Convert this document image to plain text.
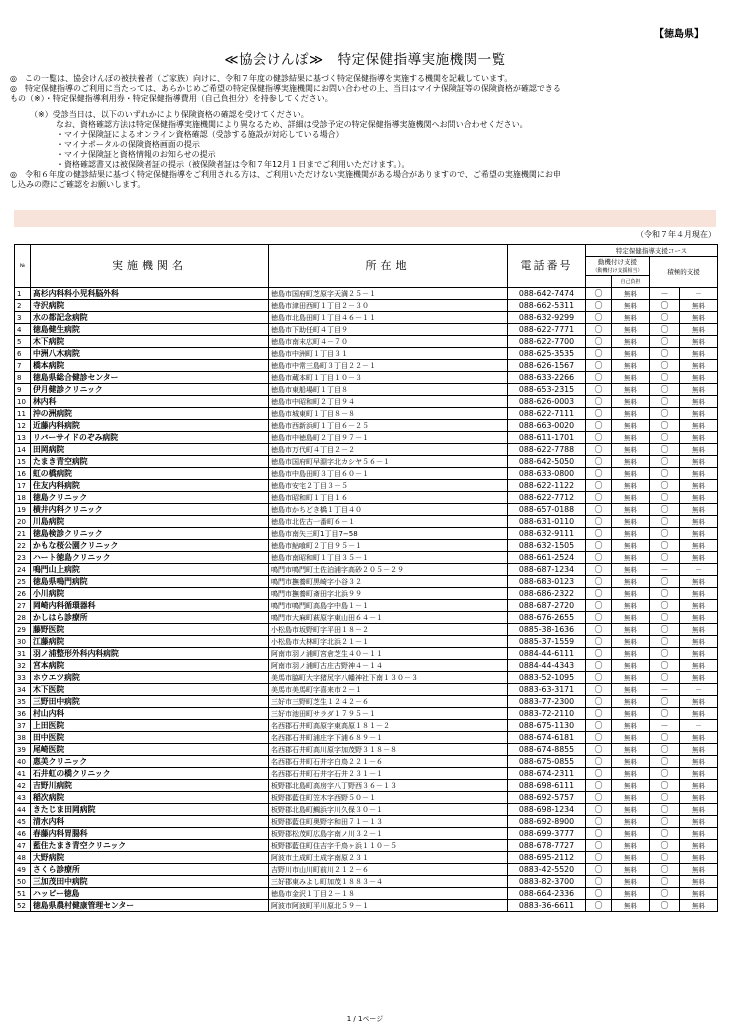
【徳島県】
≪協会けんぽ≫　特定保健指導実施機関一覧

◎　この一覧は、協会けんぽの被扶養者（ご家族）向けに、令和７年度の健診結果に基づく特定保健指導を実施する機関を記載しています。

◎　特定保健指導のご利用に当たっては、あらかじめご希望の特定保健指導実施機関にお問い合わせの上、当日はマイナ保険証等の保険資格が確認できる

もの（※）・特定保健指導利用券・特定保健指導費用（自己負担分）を持参してください。

（※）受診当日は、以下のいずれかにより保険資格の確認を受けてください。

なお、資格確認方法は特定保健指導実施機関により異なるため、詳細は受診予定の特定保健指導実施機関へお問い合わせください。

・マイナ保険証によるオンライン資格確認（受診する施設が対応している場合）

・マイナポータルの保険資格画面の提示

・マイナ保険証と資格情報のお知らせの提示

・資格確認書又は被保険者証の提示（被保険者証は令和７年12月１日までご利用いただけます。）。

◎　令和６年度の健診結果に基づく特定保健指導をご利用される方は、ご利用いただけない実施機関がある場合がありますので、ご希望の実施機関にお申

し込みの際にご確認をお願いします。

（令和７年４月現在）
№	実施機関名	所在地	電話番号	特定保健指導支援コース			
				動機付け支援
（動機付け支援相当）		積極的支援	

					自己負担		
1	髙杉内科科小児科脳外科	徳島市国府町芝原字天満２５－１	088-642-7474	〇	無料	－	－
2	寺沢病院	徳島市津田西町１丁目２－３０	088-662-5311	〇	無料	〇	無料
3	水の都記念病院	徳島市北島田町１丁目４６－１１	088-632-9299	〇	無料	〇	無料
4	徳島健生病院	徳島市下助任町４丁目９	088-622-7771	〇	無料	〇	無料
5	木下病院	徳島市南末広町４－７０	088-622-7700	〇	無料	〇	無料
6	中洲八木病院	徳島市中洲町１丁目３１	088-625-3535	〇	無料	〇	無料
7	橋本病院	徳島市中常三島町３丁目２２－１	088-626-1567	〇	無料	〇	無料
8	徳島県総合健診センター	徳島市蔵本町１丁目１０－３	088-633-2266	〇	無料	〇	無料
9	伊月健診クリニック	徳島市東船場町１丁目８	088-653-2315	〇	無料	〇	無料
10	林内科	徳島市中昭和町２丁目９４	088-626-0003	〇	無料	〇	無料
11	沖の洲病院	徳島市城東町１丁目８－８	088-622-7111	〇	無料	〇	無料
12	近藤内科病院	徳島市西新浜町１丁目６－２５	088-663-0020	〇	無料	〇	無料
13	リバーサイドのぞみ病院	徳島市中徳島町２丁目９７－１	088-611-1701	〇	無料	〇	無料
14	田岡病院	徳島市万代町４丁目２－２	088-622-7788	〇	無料	〇	無料
15	たまき青空病院	徳島市国府町早淵字北カシヤ５６－１	088-642-5050	〇	無料	〇	無料
16	虹の橋病院	徳島市中島田町３丁目６０－１	088-633-0800	〇	無料	〇	無料
17	住友内科病院	徳島市安宅２丁目３－５	088-622-1122	〇	無料	〇	無料
18	徳島クリニック	徳島市昭和町１丁目１６	088-622-7712	〇	無料	〇	無料
19	横井内科クリニック	徳島市かちどき橋１丁目４０	088-657-0188	〇	無料	〇	無料
20	川島病院	徳島市北佐古一番町６－１	088-631-0110	〇	無料	〇	無料
21	徳島検診クリニック	徳島市南矢三町1丁目7−58	088-632-9111	〇	無料	〇	無料
22	かもな桜公園クリニック	徳島市鮎喰町２丁目９５－１	088-632-1505	〇	無料	〇	無料
23	ハート徳島クリニック	徳島市南昭和町１丁目３５－１	088-661-2524	〇	無料	〇	無料
24	鳴門山上病院	鳴門市鳴門町土佐泊浦字高砂２０５－２９	088-687-1234	〇	無料	－	－
25	徳島県鳴門病院	鳴門市撫養町黒崎字小谷３２	088-683-0123	〇	無料	〇	無料
26	小川病院	鳴門市撫養町斎田字北浜９９	088-686-2322	〇	無料	〇	無料
27	岡崎内科循環器科	鳴門市鳴門町高島字中島１－１	088-687-2720	〇	無料	〇	無料
28	かしはら診療所	鳴門市大麻町萩原字東山田６４－１	088-676-2655	〇	無料	〇	無料
29	藤野医院	小松島市坂野町字平田１８－２	0885-38-1636	〇	無料	〇	無料
30	江藤病院	小松島市大林町字北浜２１－１	0885-37-1559	〇	無料	〇	無料
31	羽ノ浦整形外科内科病院	阿南市羽ノ浦町宮倉芝生４０－１１	0884-44-6111	〇	無料	〇	無料
32	宮本病院	阿南市羽ノ浦町古庄古野神４－１４	0884-44-4343	〇	無料	〇	無料
33	ホウエツ病院	美馬市脇町大字猪尻字八幡神社下南１３０－３	0883-52-1095	〇	無料	〇	無料
34	木下医院	美馬市美馬町字喜来市２－１	0883-63-3171	〇	無料	－	－
35	三野田中病院	三好市三野町芝生１２４２－６	0883-77-2300	〇	無料	〇	無料
36	村山内科	三好市池田町サラダ１７９５－１	0883-72-2110	〇	無料	〇	無料
37	上田医院	名西郡石井町高原字東高原１８１－２	088-675-1130	〇	無料	－	－
38	田中医院	名西郡石井町浦庄字下浦６８９－１	088-674-6181	〇	無料	〇	無料
39	尾崎医院	名西郡石井町高川原字加茂野３１８－８	088-674-8855	〇	無料	〇	無料
40	惠美クリニック	名西郡石井町石井字白鳥２２１－６	088-675-0855	〇	無料	〇	無料
41	石井虹の橋クリニック	名西郡石井町石井字石井２３１－１	088-674-2311	〇	無料	〇	無料
42	吉野川病院	板野郡北島町高房字八丁野西３６－１３	088-698-6111	〇	無料	〇	無料
43	稲次病院	板野郡藍住町笠木字西野５０－１	088-692-5757	〇	無料	〇	無料
44	きたじま田岡病院	板野郡北島町鯛浜字川久保３０－１	088-698-1234	〇	無料	〇	無料
45	清水内科	板野郡藍住町奥野字和田７１－１３	088-692-8900	〇	無料	〇	無料
46	春藤内科胃腸科	板野郡松茂町広島字南ノ川３２－１	088-699-3777	〇	無料	〇	無料
47	藍住たまき青空クリニック	板野郡藍住町住吉字千鳥ヶ浜１１０－５	088-678-7727	〇	無料	〇	無料
48	大野病院	阿波市土成町土成字南原２３１	088-695-2112	〇	無料	〇	無料
49	さくら診療所	吉野川市山川町前川２１２－６	0883-42-5520	〇	無料	〇	無料
50	三加茂田中病院	三好郡東みよし町加茂１８８３－４	0883-82-3700	〇	無料	〇	無料
51	ハッピー徳島	徳島市金沢１丁目２－１８	088-664-2336	〇	無料	〇	無料
52	徳島県農村健康管理センター	阿波市阿波町平川原北５９－１	0883-36-6611	〇	無料	〇	無料
1 / 1ページ
